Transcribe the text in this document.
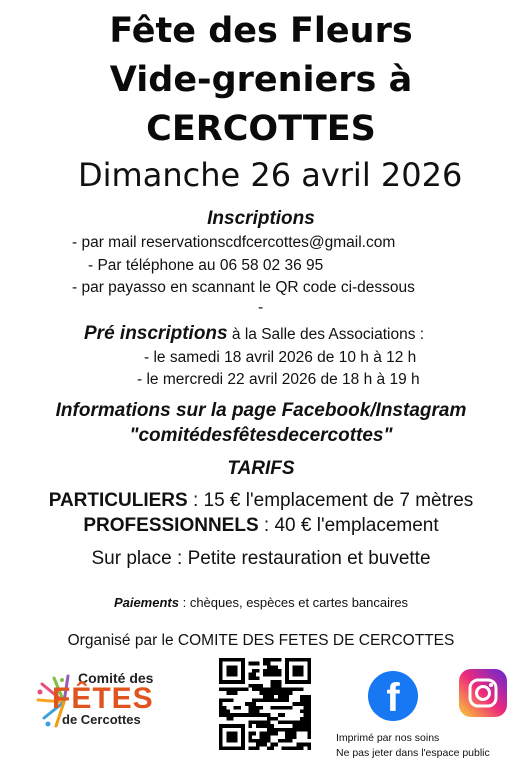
Fête des Fleurs
Vide-greniers à
CERCOTTES
Dimanche 26 avril 2026
Inscriptions
- par mail reservationscdfcercottes@gmail.com
- Par téléphone au 06 58 02 36 95
- par payasso en scannant le QR code ci-dessous
-
Pré inscriptions à la Salle des Associations :
- le samedi 18 avril 2026 de 10 h à 12 h
- le mercredi 22 avril 2026 de 18 h à 19 h
Informations sur la page Facebook/Instagram
"comitédesfêtesdecercottes"
TARIFS
PARTICULIERS : 15 € l'emplacement de 7 mètres
PROFESSIONNELS : 40 € l'emplacement
Sur place : Petite restauration et buvette
Paiements : chèques, espèces et cartes bancaires
Organisé par le COMITE DES FETES DE CERCOTTES
Comité des
FÊTES
de Cercottes	f
Imprimé par nos soins
Ne pas jeter dans l'espace public
